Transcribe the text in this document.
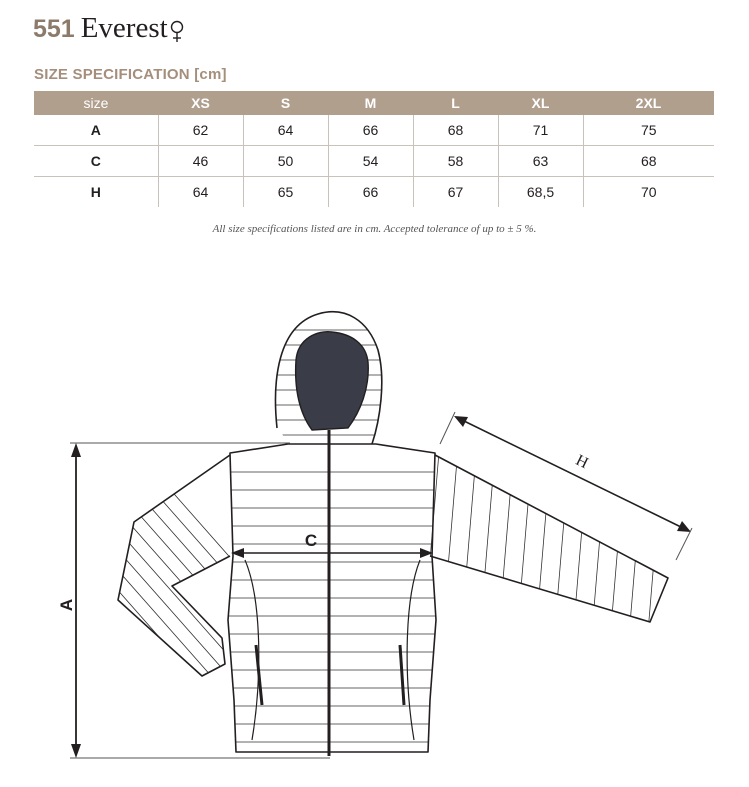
551 Everest
SIZE SPECIFICATION [cm]
size	XS	S	M	L	XL	2XL
A	62	64	66	68	71	75
C	46	50	54	58	63	68
H	64	65	66	67	68,5	70
All size specifications listed are in cm. Accepted tolerance of up to ± 5 %.
A
C
H
